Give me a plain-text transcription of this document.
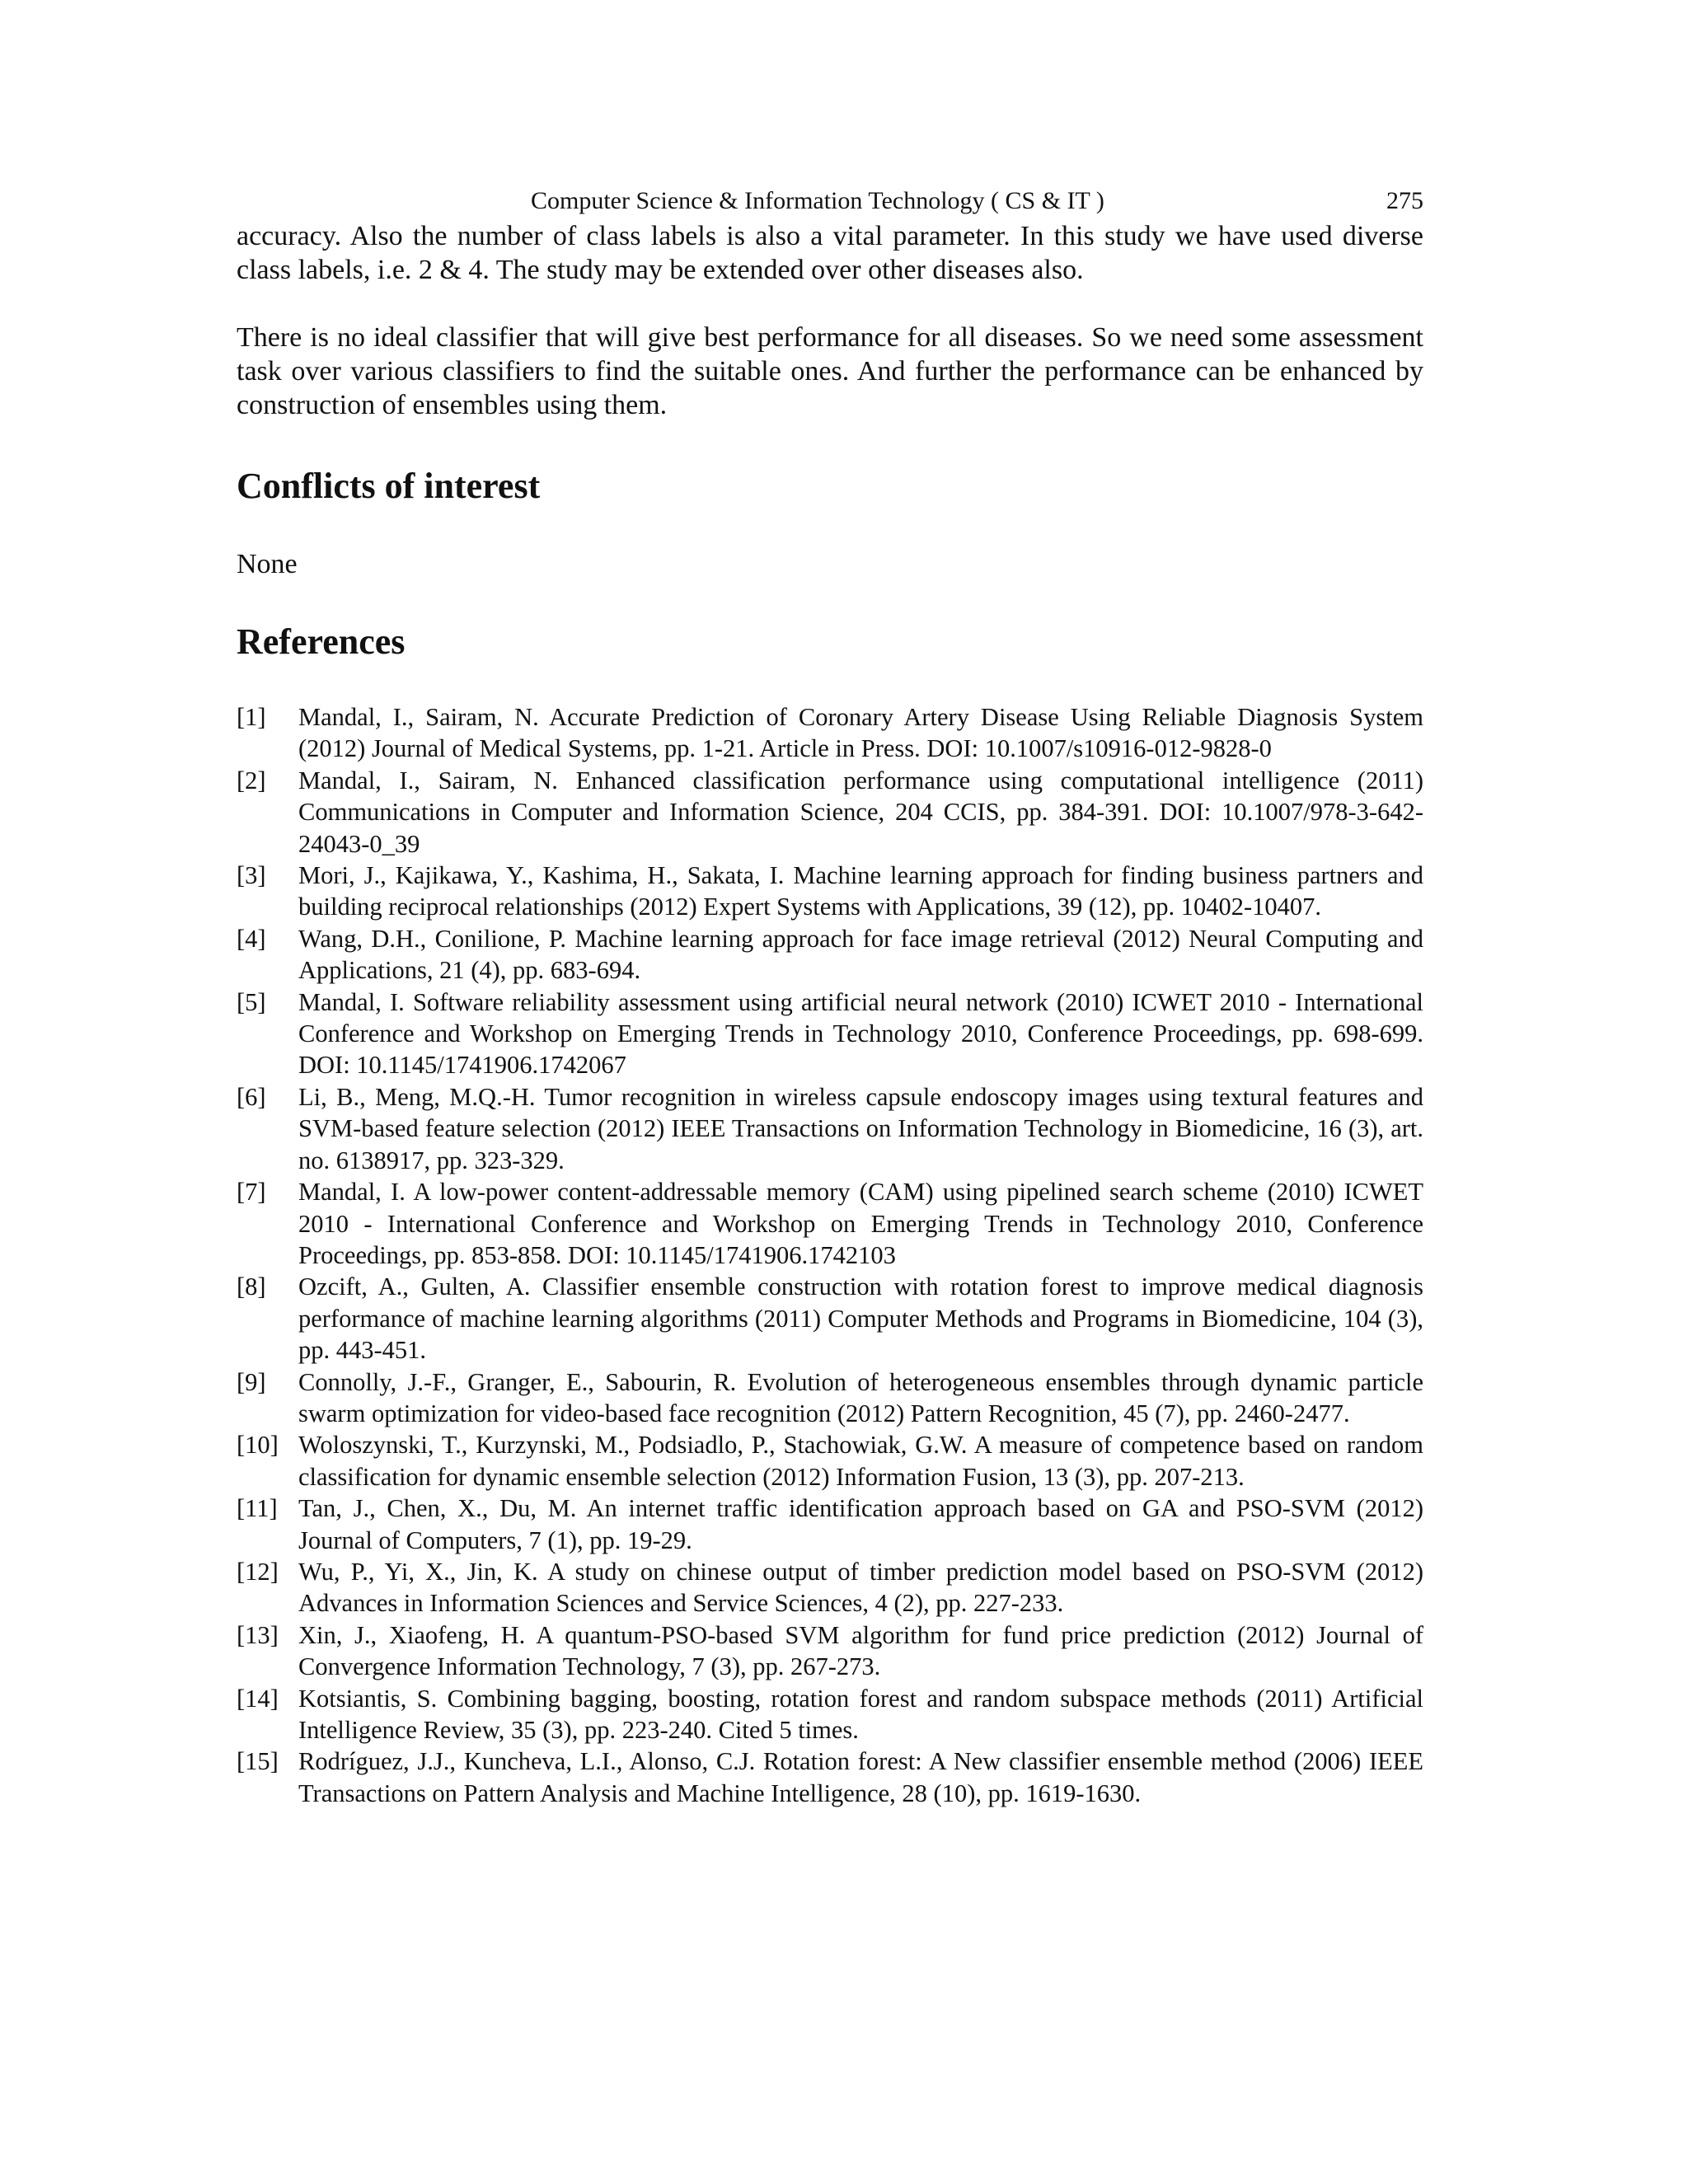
Computer Science & Information Technology ( CS & IT )	275

accuracy. Also the number of class labels is also a vital parameter. In this study we have used diverse class labels, i.e. 2 & 4. The study may be extended over other diseases also.

There is no ideal classifier that will give best performance for all diseases. So we need some assessment task over various classifiers to find the suitable ones. And further the performance can be enhanced by construction of ensembles using them.

Conflicts of interest
None
References
[1] Mandal, I., Sairam, N. Accurate Prediction of Coronary Artery Disease Using Reliable Diagnosis System (2012) Journal of Medical Systems, pp. 1-21. Article in Press. DOI: 10.1007/s10916-012-9828-0
[2] Mandal, I., Sairam, N. Enhanced classification performance using computational intelligence (2011) Communications in Computer and Information Science, 204 CCIS, pp. 384-391. DOI: 10.1007/978-3-642-24043-0_39
[3] Mori, J., Kajikawa, Y., Kashima, H., Sakata, I. Machine learning approach for finding business partners and building reciprocal relationships (2012) Expert Systems with Applications, 39 (12), pp. 10402-10407.
[4] Wang, D.H., Conilione, P. Machine learning approach for face image retrieval (2012) Neural Computing and Applications, 21 (4), pp. 683-694.
[5] Mandal, I. Software reliability assessment using artificial neural network (2010) ICWET 2010 - International Conference and Workshop on Emerging Trends in Technology 2010, Conference Proceedings, pp. 698-699. DOI: 10.1145/1741906.1742067
[6] Li, B., Meng, M.Q.-H. Tumor recognition in wireless capsule endoscopy images using textural features and SVM-based feature selection (2012) IEEE Transactions on Information Technology in Biomedicine, 16 (3), art. no. 6138917, pp. 323-329.
[7] Mandal, I. A low-power content-addressable memory (CAM) using pipelined search scheme (2010) ICWET 2010 - International Conference and Workshop on Emerging Trends in Technology 2010, Conference Proceedings, pp. 853-858. DOI: 10.1145/1741906.1742103
[8] Ozcift, A., Gulten, A. Classifier ensemble construction with rotation forest to improve medical diagnosis performance of machine learning algorithms (2011) Computer Methods and Programs in Biomedicine, 104 (3), pp. 443-451.
[9] Connolly, J.-F., Granger, E., Sabourin, R. Evolution of heterogeneous ensembles through dynamic particle swarm optimization for video-based face recognition (2012) Pattern Recognition, 45 (7), pp. 2460-2477.
[10] Woloszynski, T., Kurzynski, M., Podsiadlo, P., Stachowiak, G.W. A measure of competence based on random classification for dynamic ensemble selection (2012) Information Fusion, 13 (3), pp. 207-213.
[11] Tan, J., Chen, X., Du, M. An internet traffic identification approach based on GA and PSO-SVM (2012) Journal of Computers, 7 (1), pp. 19-29.
[12] Wu, P., Yi, X., Jin, K. A study on chinese output of timber prediction model based on PSO-SVM (2012) Advances in Information Sciences and Service Sciences, 4 (2), pp. 227-233.
[13] Xin, J., Xiaofeng, H. A quantum-PSO-based SVM algorithm for fund price prediction (2012) Journal of Convergence Information Technology, 7 (3), pp. 267-273.
[14] Kotsiantis, S. Combining bagging, boosting, rotation forest and random subspace methods (2011) Artificial Intelligence Review, 35 (3), pp. 223-240. Cited 5 times.
[15] Rodríguez, J.J., Kuncheva, L.I., Alonso, C.J. Rotation forest: A New classifier ensemble method (2006) IEEE Transactions on Pattern Analysis and Machine Intelligence, 28 (10), pp. 1619-1630.
